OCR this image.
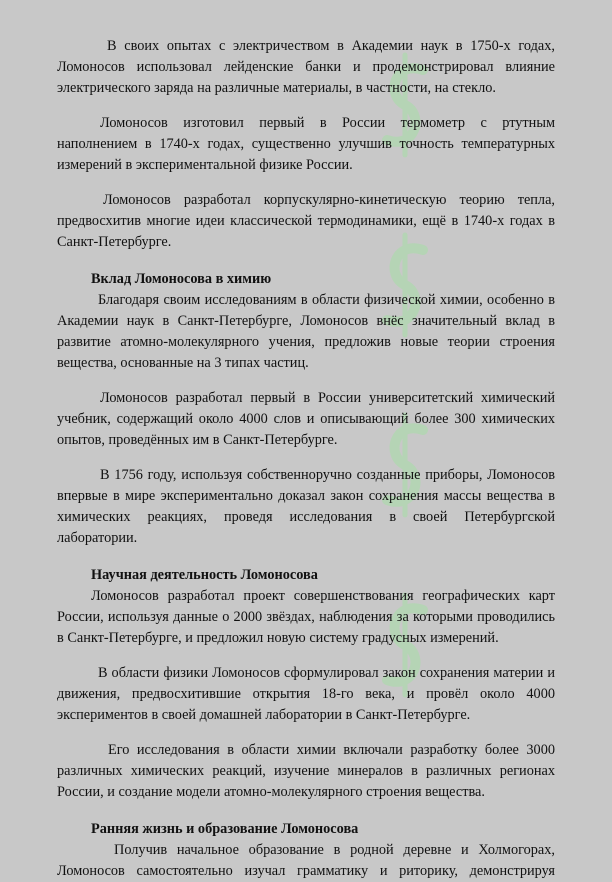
В своих опытах с электричеством в Академии наук в 1750-х годах, Ломоносов использовал лейденские банки и продемонстрировал влияние электрического заряда на различные материалы, в частности, на стекло.

Ломоносов изготовил первый в России термометр с ртутным наполнением в 1740-х годах, существенно улучшив точность температурных измерений в экспериментальной физике России.

Ломоносов разработал корпускулярно-кинетическую теорию тепла, предвосхитив многие идеи классической термодинамики, ещё в 1740-х годах в Санкт-Петербурге.

Вклад Ломоносова в химию

Благодаря своим исследованиям в области физической химии, особенно в Академии наук в Санкт-Петербурге, Ломоносов внёс значительный вклад в развитие атомно-молекулярного учения, предложив новые теории строения вещества, основанные на 3 типах частиц.

Ломоносов разработал первый в России университетский химический учебник, содержащий около 4000 слов и описывающий более 300 химических опытов, проведённых им в Санкт-Петербурге.

В 1756 году, используя собственноручно созданные приборы, Ломоносов впервые в мире экспериментально доказал закон сохранения массы вещества в химических реакциях, проведя исследования в своей Петербургской лаборатории.

Научная деятельность Ломоносова

Ломоносов разработал проект совершенствования географических карт России, используя данные о 2000 звёздах, наблюдения за которыми проводились в Санкт-Петербурге, и предложил новую систему градусных измерений.

В области физики Ломоносов сформулировал закон сохранения материи и движения, предвосхитившие открытия 18-го века, и провёл около 4000 экспериментов в своей домашней лаборатории в Санкт-Петербурге.

Его исследования в области химии включали разработку более 3000 различных химических реакций, изучение минералов в различных регионах России, и создание модели атомно-молекулярного строения вещества.

Ранняя жизнь и образование Ломоносова

Получив начальное образование в родной деревне и Холмогорах, Ломоносов самостоятельно изучал грамматику и риторику, демонстрируя
